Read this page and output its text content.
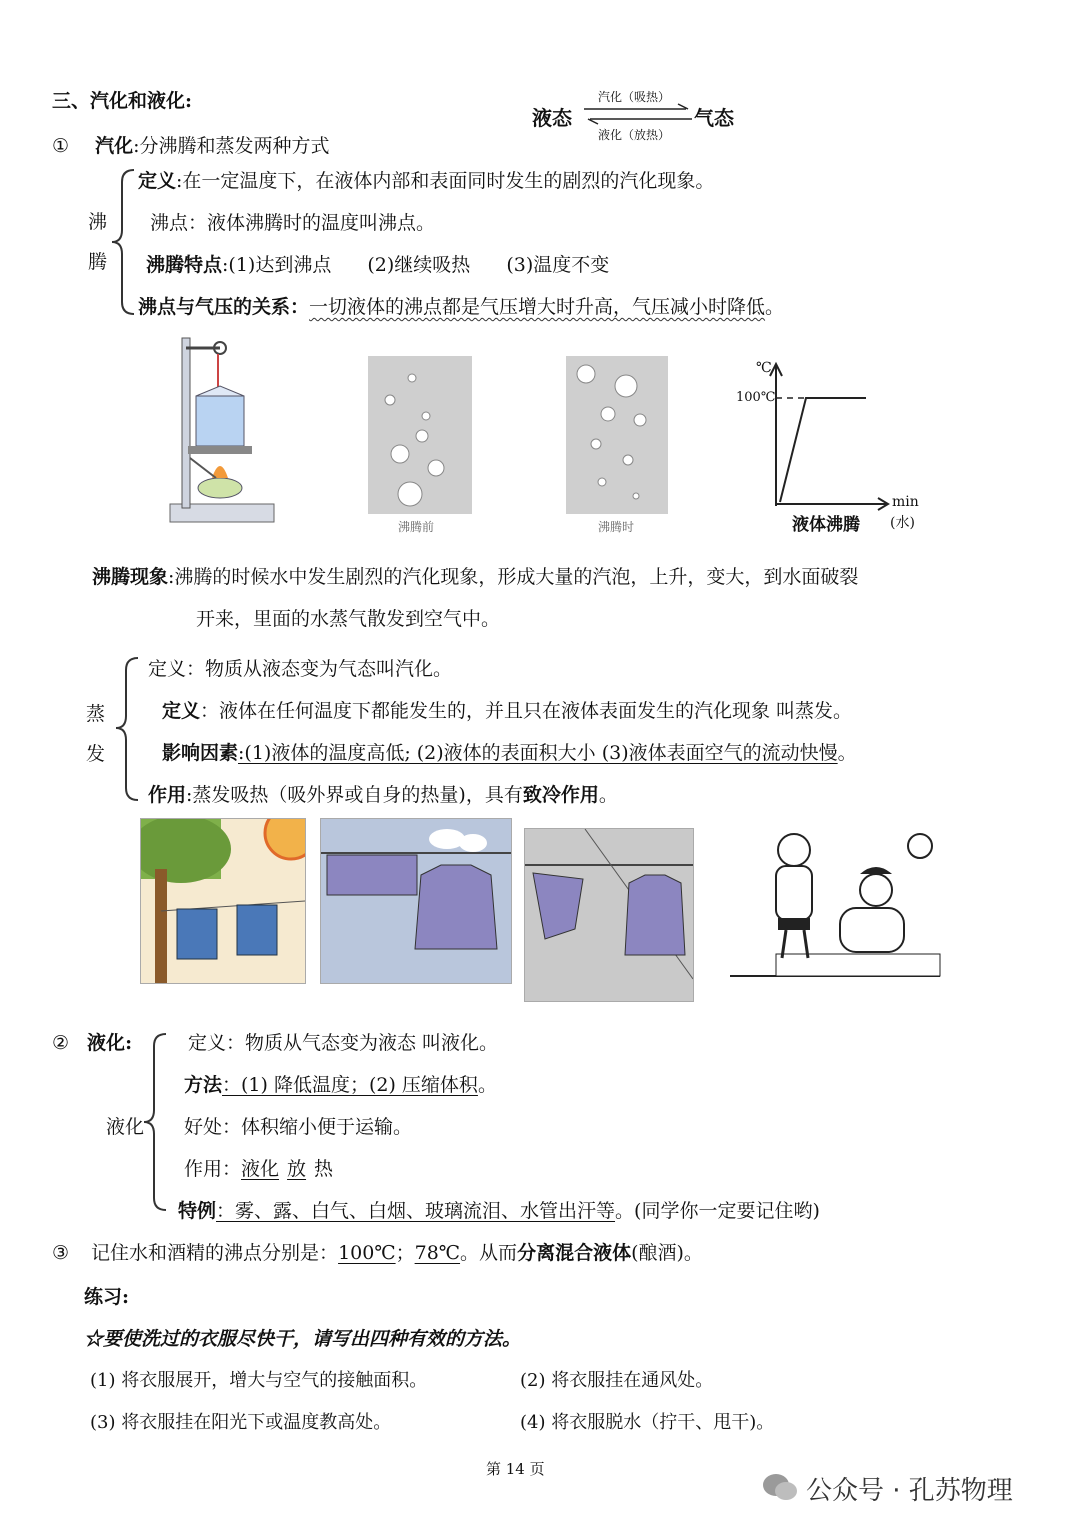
三、汽化和液化:
液态	气态
汽化（吸热）
液化（放热）
① 汽化:分沸腾和蒸发两种方式
沸
腾
定义:在一定温度下，在液体内部和表面同时发生的剧烈的汽化现象。
沸点：液体沸腾时的温度叫沸点。
沸腾特点:(1)达到沸点 (2)继续吸热 (3)温度不变
沸点与气压的关系：一切液体的沸点都是气压增大时升高，气压减小时降低。
沸腾前	沸腾时
℃
100℃
min
液体沸腾 (水)
沸腾现象:沸腾的时候水中发生剧烈的汽化现象，形成大量的汽泡，上升，变大，到水面破裂
开来，里面的水蒸气散发到空气中。
蒸
发
定义：物质从液态变为气态叫汽化。
定义：液体在任何温度下都能发生的，并且只在液体表面发生的汽化现象 叫蒸发。
影响因素:(1)液体的温度高低; (2)液体的表面积大小 (3)液体表面空气的流动快慢。
作用:蒸发吸热（吸外界或自身的热量)，具有致冷作用。
② 液化:
液化
定义：物质从气态变为液态 叫液化。
方法：(1) 降低温度；(2) 压缩体积。
好处：体积缩小便于运输。
作用：液化 放 热
特例：雾、露、白气、白烟、玻璃流泪、水管出汗等。(同学你一定要记住哟)
③ 记住水和酒精的沸点分别是：100℃；78℃。从而分离混合液体(酿酒)。
练习:
☆要使洗过的衣服尽快干，请写出四种有效的方法。
(1) 将衣服展开，增大与空气的接触面积。	(2) 将衣服挂在通风处。
(3) 将衣服挂在阳光下或温度教高处。	(4) 将衣服脱水（拧干、甩干)。
第 14 页
公众号 · 孔苏物理
